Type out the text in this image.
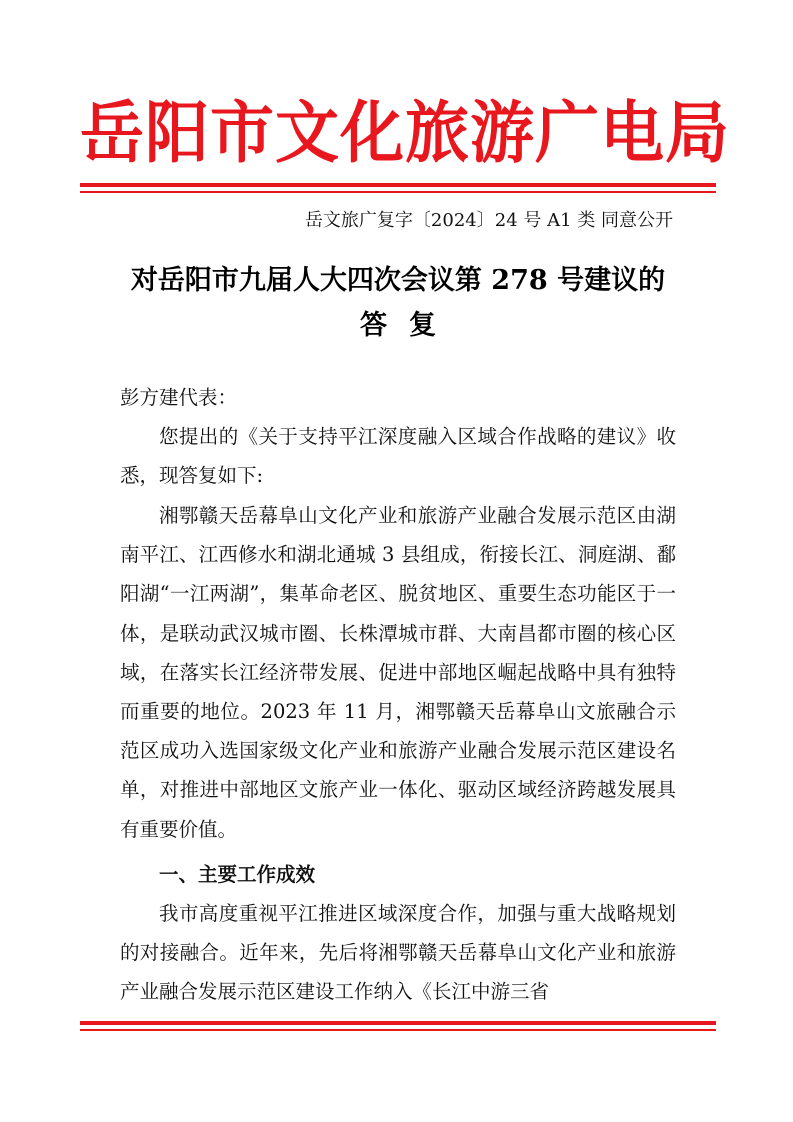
岳阳市文化旅游广电局
岳文旅广复字〔2024〕24 号 A1 类 同意公开
对岳阳市九届人大四次会议第 278 号建议的
答复
彭方建代表：

您提出的《关于支持平江深度融入区域合作战略的建议》收悉，现答复如下:

湘鄂赣天岳幕阜山文化产业和旅游产业融合发展示范区由湖南平江、江西修水和湖北通城 3 县组成，衔接长江、洞庭湖、鄱阳湖“一江两湖”，集革命老区、脱贫地区、重要生态功能区于一体，是联动武汉城市圈、长株潭城市群、大南昌都市圈的核心区域，在落实长江经济带发展、促进中部地区崛起战略中具有独特而重要的地位。2023 年 11 月，湘鄂赣天岳幕阜山文旅融合示范区成功入选国家级文化产业和旅游产业融合发展示范区建设名单，对推进中部地区文旅产业一体化、驱动区域经济跨越发展具有重要价值。

一、主要工作成效

我市高度重视平江推进区域深度合作，加强与重大战略规划的对接融合。近年来，先后将湘鄂赣天岳幕阜山文化产业和旅游产业融合发展示范区建设工作纳入《长江中游三省
